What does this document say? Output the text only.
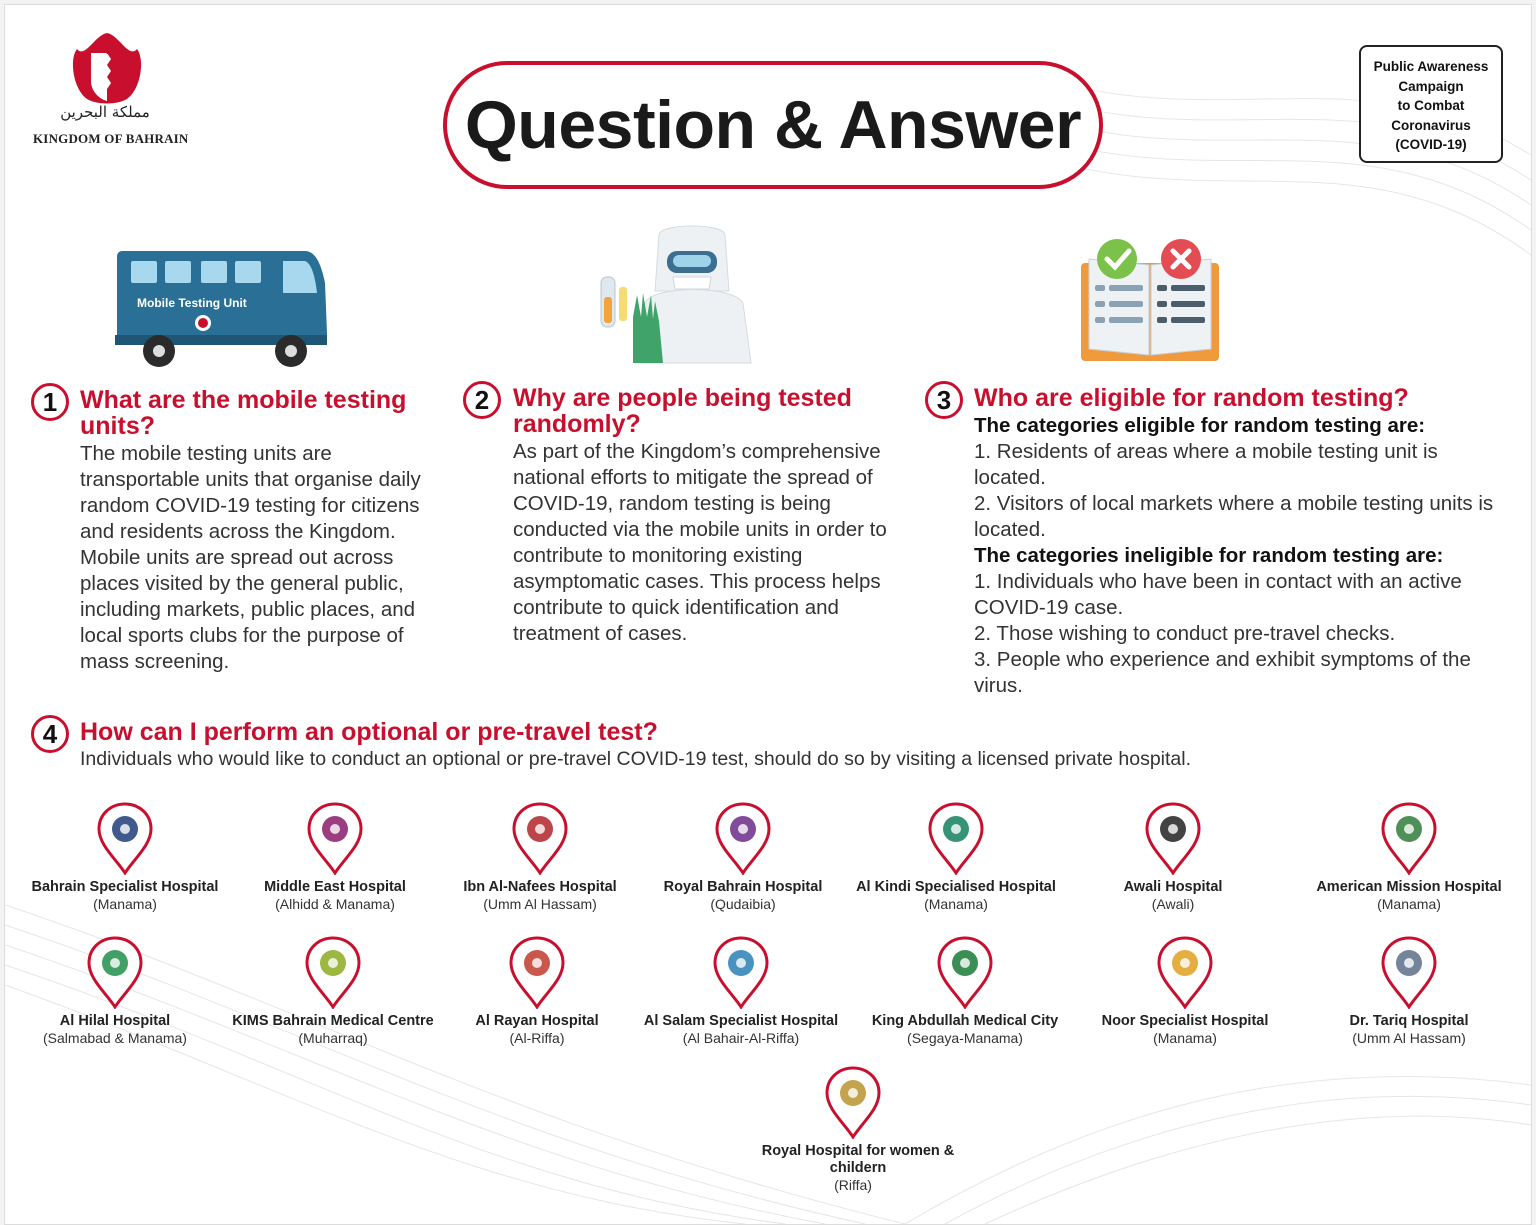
مملكة البحرين
KINGDOM OF BAHRAIN	Question & Answer
Public Awareness
Campaign
to Combat
Coronavirus
(COVID-19)
Mobile Testing Unit
1 What are the mobile testing units?

The mobile testing units are transportable units that organise daily random COVID-19 testing for citizens and residents across the Kingdom. Mobile units are spread out across places visited by the general public, including markets, public places, and local sports clubs for the purpose of mass screening.

2 Why are people being tested randomly?

As part of the Kingdom’s comprehensive national efforts to mitigate the spread of COVID-19, random testing is being conducted via the mobile units in order to contribute to monitoring existing asymptomatic cases. This process helps contribute to quick identification and treatment of cases.

3 Who are eligible for random testing?

The categories eligible for random testing are:

1. Residents of areas where a mobile testing unit is located.

2. Visitors of local markets where a mobile testing units is located.

The categories ineligible for random testing are:

1. Individuals who have been in contact with an active COVID-19 case.

2. Those wishing to conduct pre-travel checks.

3. People who experience and exhibit symptoms of the virus.

4 How can I perform an optional or pre-travel test?

Individuals who would like to conduct an optional or pre-travel COVID-19 test, should do so by visiting a licensed private hospital.

Bahrain Specialist Hospital
(Manama)
Middle East Hospital
(Alhidd & Manama)
Ibn Al-Nafees Hospital
(Umm Al Hassam)
Royal Bahrain Hospital
(Qudaibia)
Al Kindi Specialised Hospital
(Manama)
Awali Hospital
(Awali)
American Mission Hospital
(Manama)
Al Hilal Hospital
(Salmabad & Manama)
KIMS Bahrain Medical Centre
(Muharraq)
Al Rayan Hospital
(Al-Riffa)
Al Salam Specialist Hospital
(Al Bahair-Al-Riffa)
King Abdullah Medical City
(Segaya-Manama)
Noor Specialist Hospital
(Manama)
Dr. Tariq Hospital
(Umm Al Hassam)
Royal Hospital for women & childern
(Riffa)
